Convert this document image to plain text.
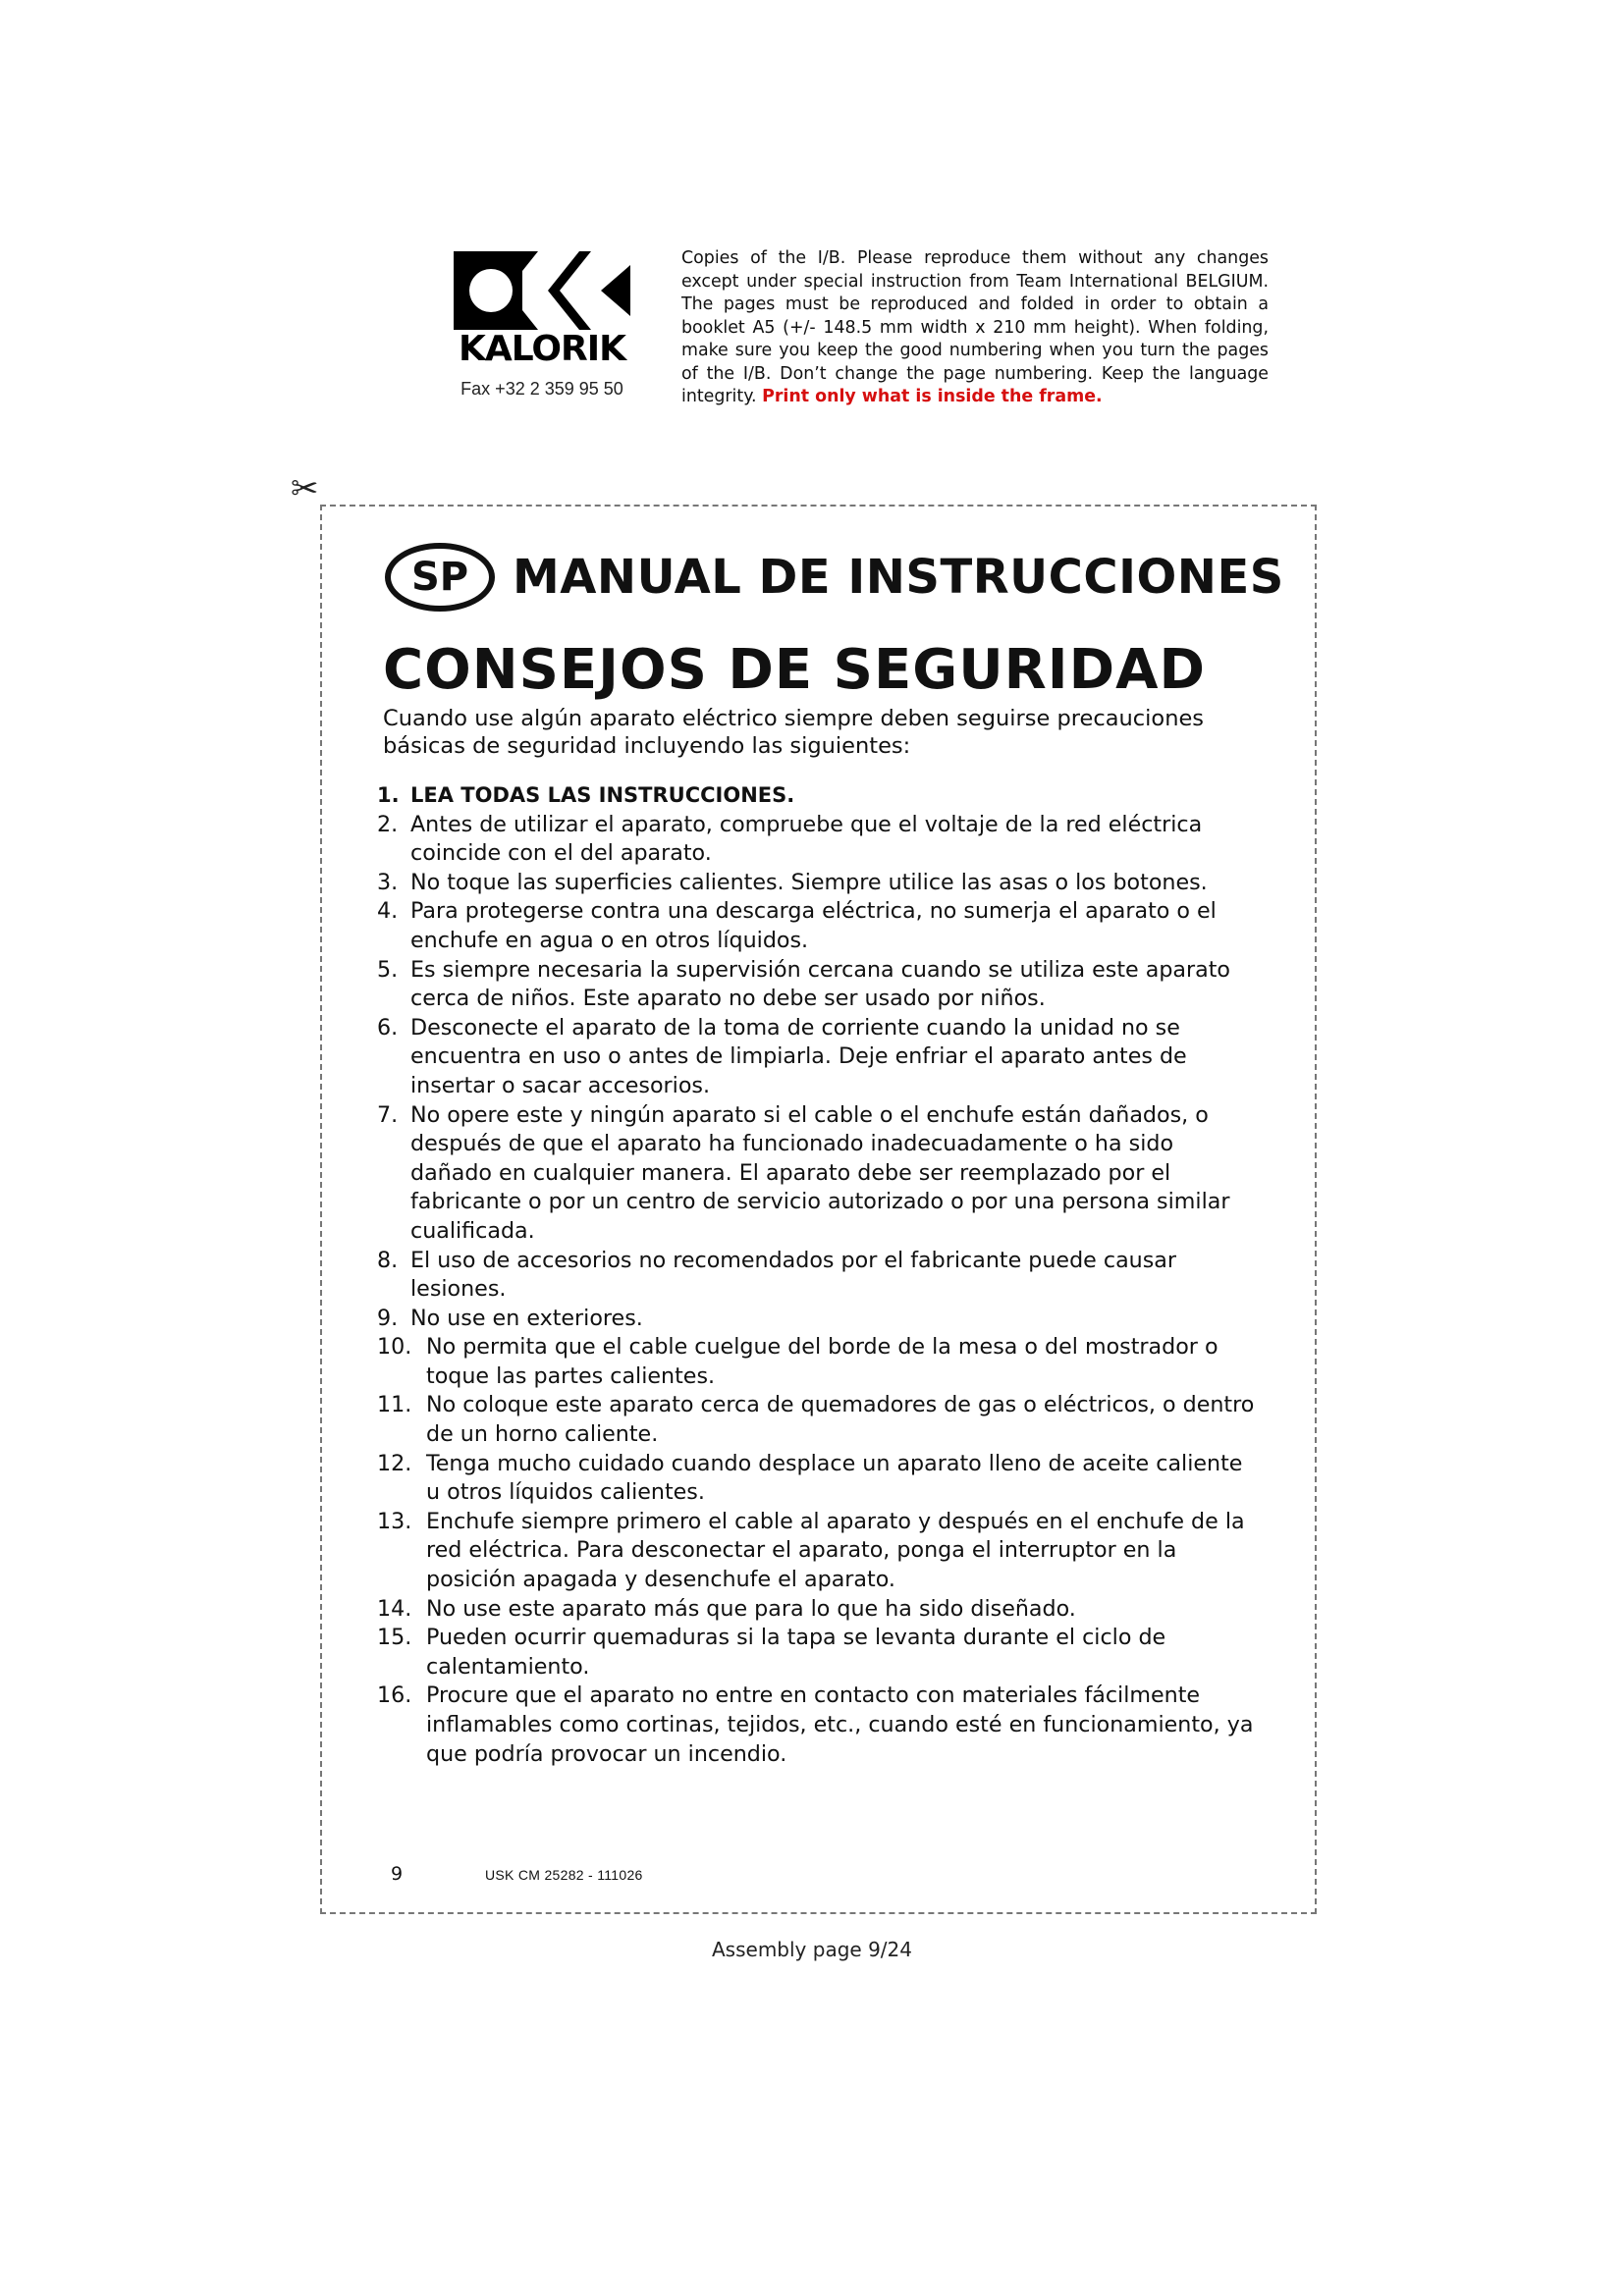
KALORIK
Fax +32 2 359 95 50
Copies of the I/B. Please reproduce them without any changes except under special instruction from Team International BELGIUM. The pages must be reproduced and folded in order to obtain a booklet A5 (+/- 148.5 mm width x 210 mm height). When folding, make sure you keep the good numbering when you turn the pages of the I/B. Don’t change the page numbering. Keep the language integrity. Print only what is inside the frame.
✂
SP MANUAL DE INSTRUCCIONES
CONSEJOS DE SEGURIDAD
Cuando use algún aparato eléctrico siempre deben seguirse precauciones básicas de seguridad incluyendo las siguientes:
1. LEA TODAS LAS INSTRUCCIONES.
2. Antes de utilizar el aparato, compruebe que el voltaje de la red eléctrica coincide con el del aparato.
3. No toque las superficies calientes. Siempre utilice las asas o los botones.
4. Para protegerse contra una descarga eléctrica, no sumerja el aparato o el enchufe en agua o en otros líquidos.
5. Es siempre necesaria la supervisión cercana cuando se utiliza este aparato cerca de niños. Este aparato no debe ser usado por niños.
6. Desconecte el aparato de la toma de corriente cuando la unidad no se encuentra en uso o antes de limpiarla. Deje enfriar el aparato antes de insertar o sacar accesorios.
7. No opere este y ningún aparato si el cable o el enchufe están dañados, o después de que el aparato ha funcionado inadecuadamente o ha sido dañado en cualquier manera. El aparato debe ser reemplazado por el fabricante o por un centro de servicio autorizado o por una persona similar cualificada.
8. El uso de accesorios no recomendados por el fabricante puede causar lesiones.
9. No use en exteriores.
10. No permita que el cable cuelgue del borde de la mesa o del mostrador o toque las partes calientes.
11. No coloque este aparato cerca de quemadores de gas o eléctricos, o dentro de un horno caliente.
12. Tenga mucho cuidado cuando desplace un aparato lleno de aceite caliente u otros líquidos calientes.
13. Enchufe siempre primero el cable al aparato y después en el enchufe de la red eléctrica. Para desconectar el aparato, ponga el interruptor en la posición apagada y desenchufe el aparato.
14. No use este aparato más que para lo que ha sido diseñado.
15. Pueden ocurrir quemaduras si la tapa se levanta durante el ciclo de calentamiento.
16. Procure que el aparato no entre en contacto con materiales fácilmente inflamables como cortinas, tejidos, etc., cuando esté en funcionamiento, ya que podría provocar un incendio.
9	USK CM 25282 - 111026
Assembly page 9/24
